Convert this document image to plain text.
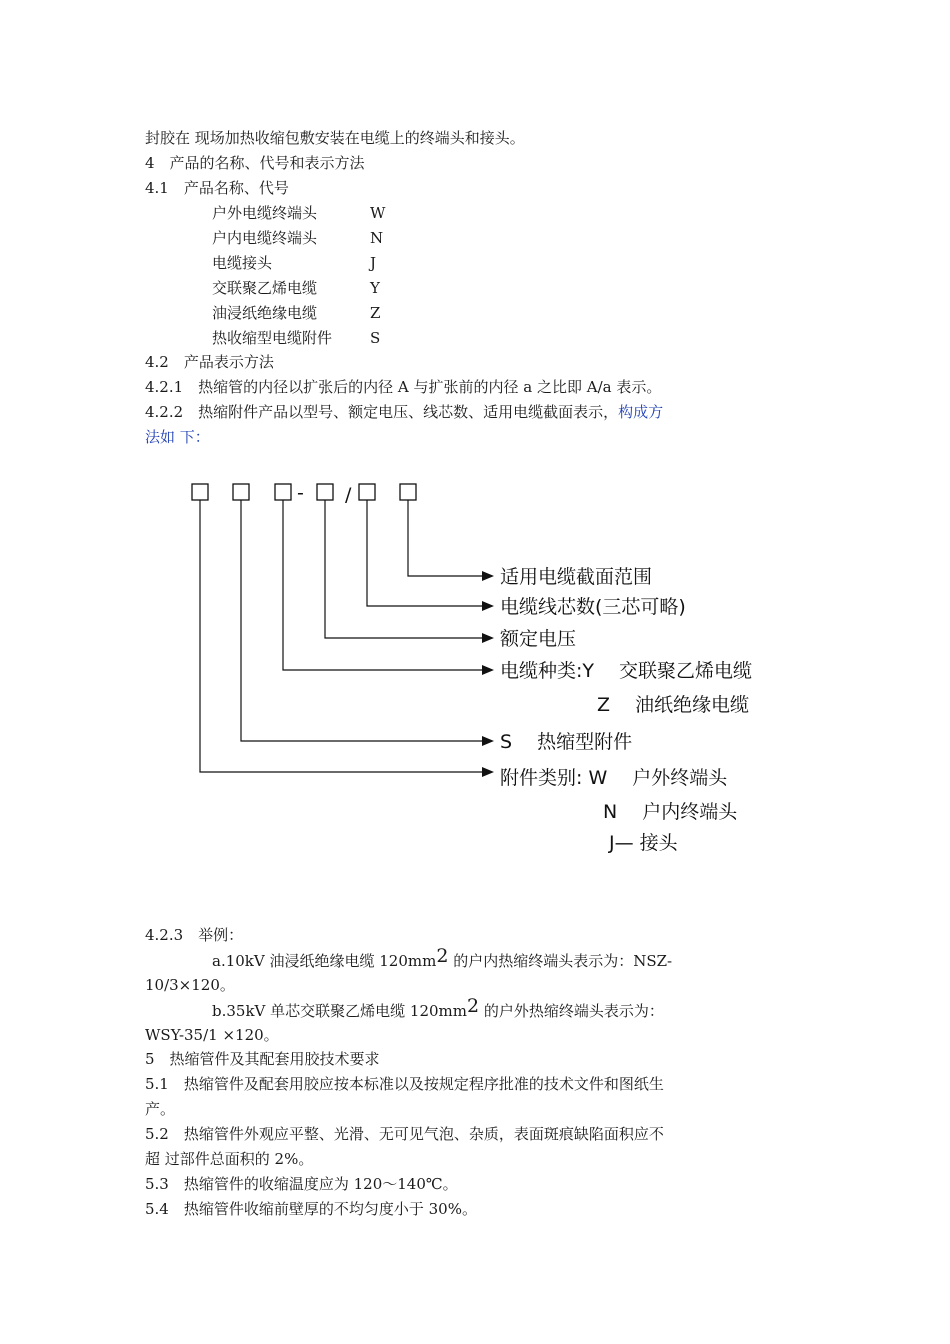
封胶在 现场加热收缩包敷安装在电缆上的终端头和接头。
4　产品的名称、代号和表示方法
4.1　产品名称、代号
户外电缆终端头	W
户内电缆终端头	N
电缆接头	J
交联聚乙烯电缆	Y
油浸纸绝缘电缆	Z
热收缩型电缆附件	S
4.2　产品表示方法
4.2.1　热缩管的内径以扩张后的内径 A 与扩张前的内径 a 之比即 A/a 表示。
4.2.2　热缩附件产品以型号、额定电压、线芯数、适用电缆截面表示，构成方
法如 下：
- /
适用电缆截面范围
电缆线芯数(三芯可略)
额定电压
电缆种类:Y　 交联聚乙烯电缆
Z　 油纸绝缘电缆
S　 热缩型附件
附件类别: W　 户外终端头
N　 户内终端头
J— 接头
4.2.3　举例：
a.10kV 油浸纸绝缘电缆 120mm2 的户内热缩终端头表示为：NSZ-
10/3×120。
b.35kV 单芯交联聚乙烯电缆 120mm2 的户外热缩终端头表示为：
WSY-35/1 ×120。
5　热缩管件及其配套用胶技术要求
5.1　热缩管件及配套用胶应按本标准以及按规定程序批准的技术文件和图纸生
产。
5.2　热缩管件外观应平整、光滑、无可见气泡、杂质，表面斑痕缺陷面积应不
超 过部件总面积的 2%。
5.3　热缩管件的收缩温度应为 120～140℃。
5.4　热缩管件收缩前壁厚的不均匀度小于 30%。
